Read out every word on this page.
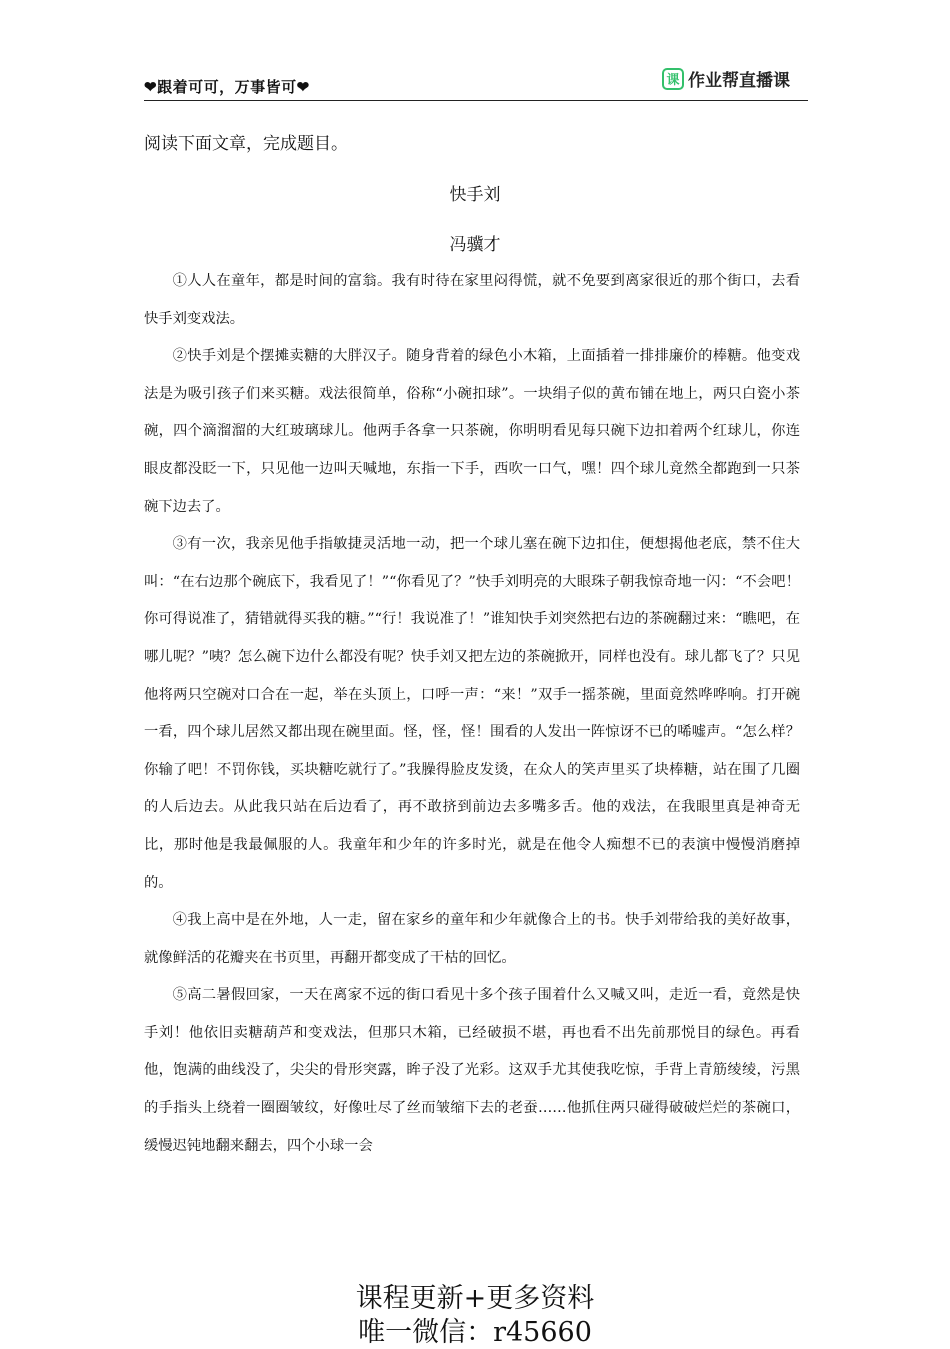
❤跟着可可，万事皆可❤	课 作业帮直播课
阅读下面文章，完成题目。
快手刘
冯骥才

①人人在童年，都是时间的富翁。我有时待在家里闷得慌，就不免要到离家很近的那个街口，去看快手刘变戏法。

②快手刘是个摆摊卖糖的大胖汉子。随身背着的绿色小木箱，上面插着一排排廉价的棒糖。他变戏法是为吸引孩子们来买糖。戏法很简单，俗称“小碗扣球”。一块绢子似的黄布铺在地上，两只白瓷小茶碗，四个滴溜溜的大红玻璃球儿。他两手各拿一只茶碗，你明明看见每只碗下边扣着两个红球儿，你连眼皮都没眨一下，只见他一边叫天喊地，东指一下手，西吹一口气，嘿！四个球儿竟然全都跑到一只茶碗下边去了。

③有一次，我亲见他手指敏捷灵活地一动，把一个球儿塞在碗下边扣住，便想揭他老底，禁不住大叫：“在右边那个碗底下，我看见了！”“你看见了？”快手刘明亮的大眼珠子朝我惊奇地一闪：“不会吧！你可得说准了，猜错就得买我的糖。”“行！我说准了！”谁知快手刘突然把右边的茶碗翻过来：“瞧吧，在哪儿呢？”咦？怎么碗下边什么都没有呢？快手刘又把左边的茶碗掀开，同样也没有。球儿都飞了？只见他将两只空碗对口合在一起，举在头顶上，口呼一声：“来！”双手一摇茶碗，里面竟然哗哗响。打开碗一看，四个球儿居然又都出现在碗里面。怪，怪，怪！围看的人发出一阵惊讶不已的唏嘘声。“怎么样？你输了吧！不罚你钱，买块糖吃就行了。”我臊得脸皮发烫，在众人的笑声里买了块棒糖，站在围了几圈的人后边去。从此我只站在后边看了，再不敢挤到前边去多嘴多舌。他的戏法，在我眼里真是神奇无比，那时他是我最佩服的人。我童年和少年的许多时光，就是在他令人痴想不已的表演中慢慢消磨掉的。

④我上高中是在外地，人一走，留在家乡的童年和少年就像合上的书。快手刘带给我的美好故事，就像鲜活的花瓣夹在书页里，再翻开都变成了干枯的回忆。

⑤高二暑假回家，一天在离家不远的街口看见十多个孩子围着什么又喊又叫，走近一看，竟然是快手刘！他依旧卖糖葫芦和变戏法，但那只木箱，已经破损不堪，再也看不出先前那悦目的绿色。再看他，饱满的曲线没了，尖尖的骨形突露，眸子没了光彩。这双手尤其使我吃惊，手背上青筋绫绫，污黑的手指头上绕着一圈圈皱纹，好像吐尽了丝而皱缩下去的老蚕……他抓住两只碰得破破烂烂的茶碗口，缓慢迟钝地翻来翻去，四个小球一会

课程更新+更多资料
唯一微信：r45660
